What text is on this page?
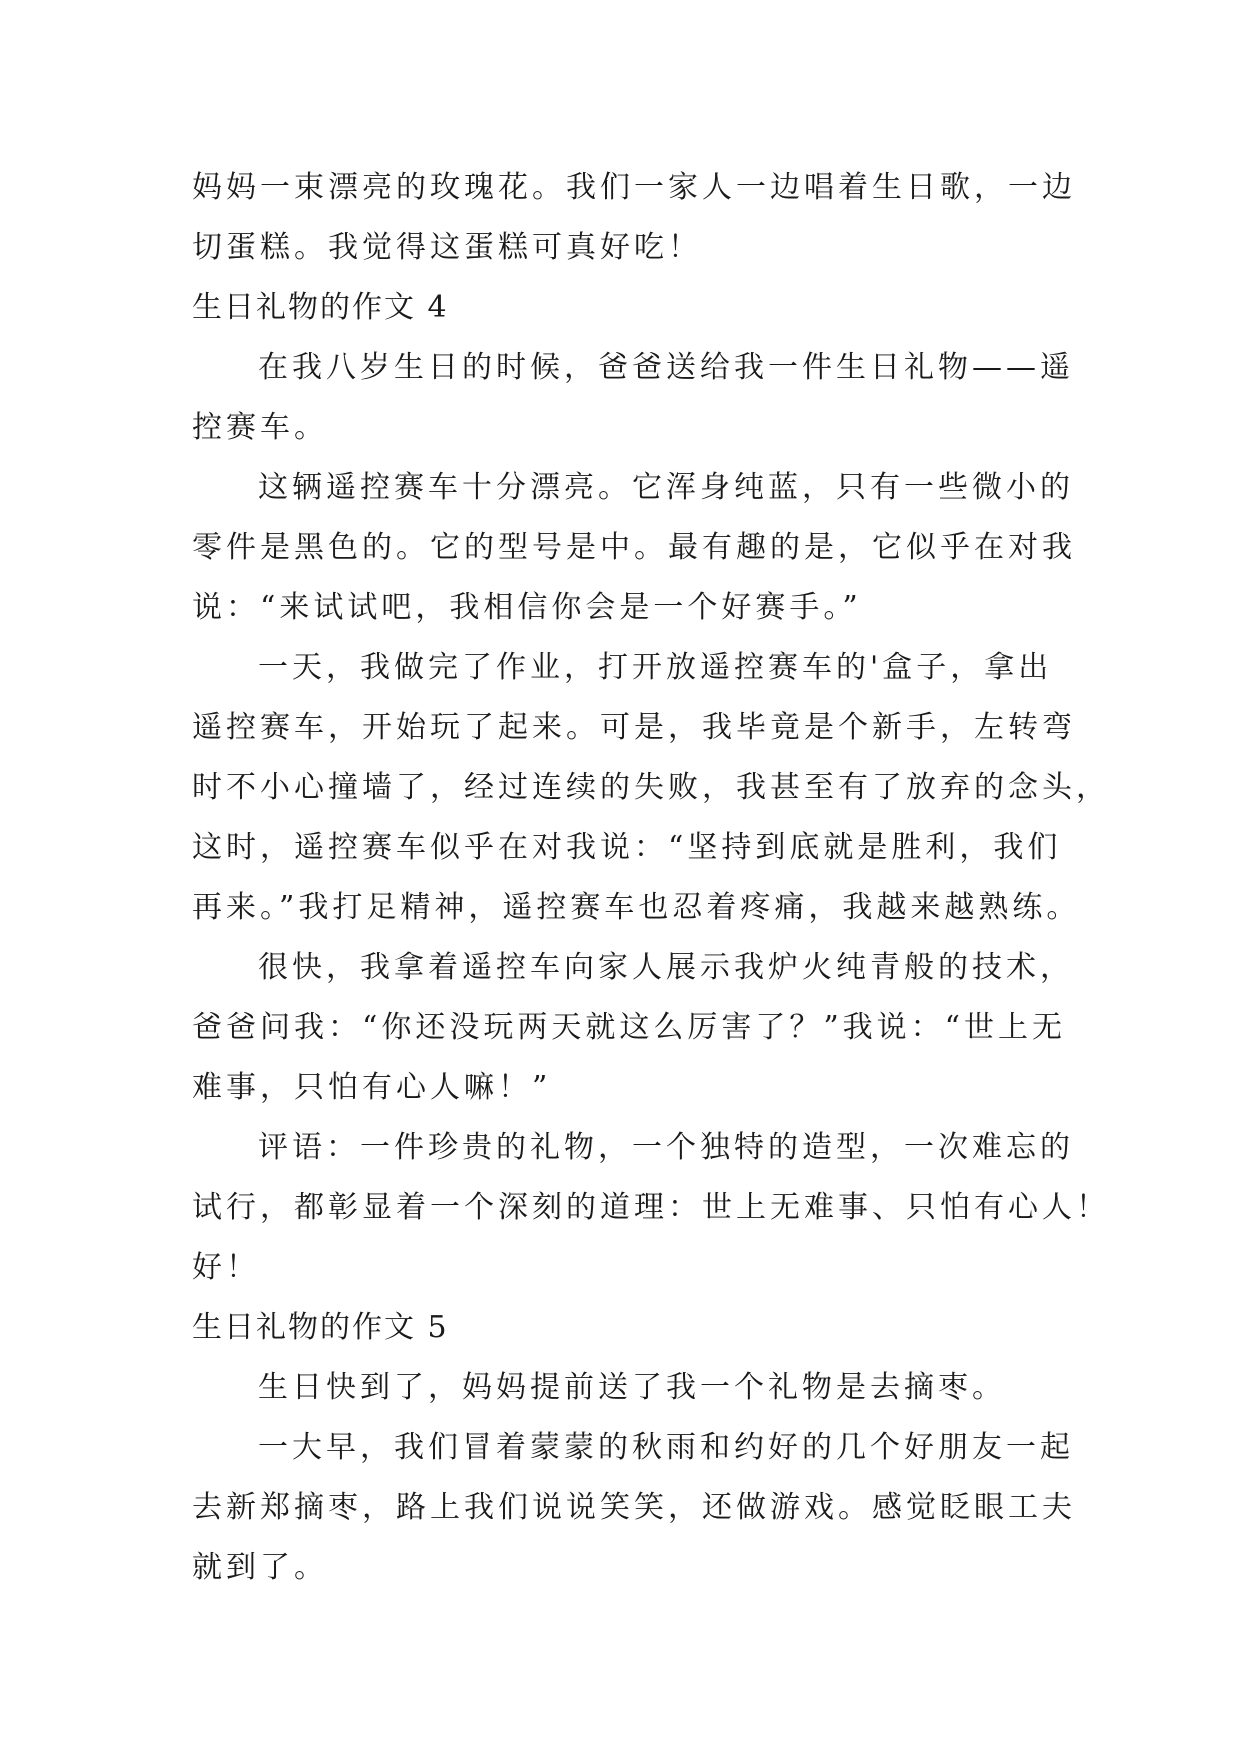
妈妈一束漂亮的玫瑰花。我们一家人一边唱着生日歌，一边

切蛋糕。我觉得这蛋糕可真好吃！

生日礼物的作文 4

在我八岁生日的时候，爸爸送给我一件生日礼物——遥

控赛车。

这辆遥控赛车十分漂亮。它浑身纯蓝，只有一些微小的

零件是黑色的。它的型号是中。最有趣的是，它似乎在对我

说：“来试试吧，我相信你会是一个好赛手。”

一天，我做完了作业，打开放遥控赛车的'盒子，拿出

遥控赛车，开始玩了起来。可是，我毕竟是个新手，左转弯

时不小心撞墙了，经过连续的失败，我甚至有了放弃的念头，

这时，遥控赛车似乎在对我说：“坚持到底就是胜利，我们

再来。”我打足精神，遥控赛车也忍着疼痛，我越来越熟练。

很快，我拿着遥控车向家人展示我炉火纯青般的技术，

爸爸问我：“你还没玩两天就这么厉害了？”我说：“世上无

难事，只怕有心人嘛！”

评语：一件珍贵的礼物，一个独特的造型，一次难忘的

试行，都彰显着一个深刻的道理：世上无难事、只怕有心人！

好！

生日礼物的作文 5

生日快到了，妈妈提前送了我一个礼物是去摘枣。

一大早，我们冒着蒙蒙的秋雨和约好的几个好朋友一起

去新郑摘枣，路上我们说说笑笑，还做游戏。感觉眨眼工夫

就到了。
